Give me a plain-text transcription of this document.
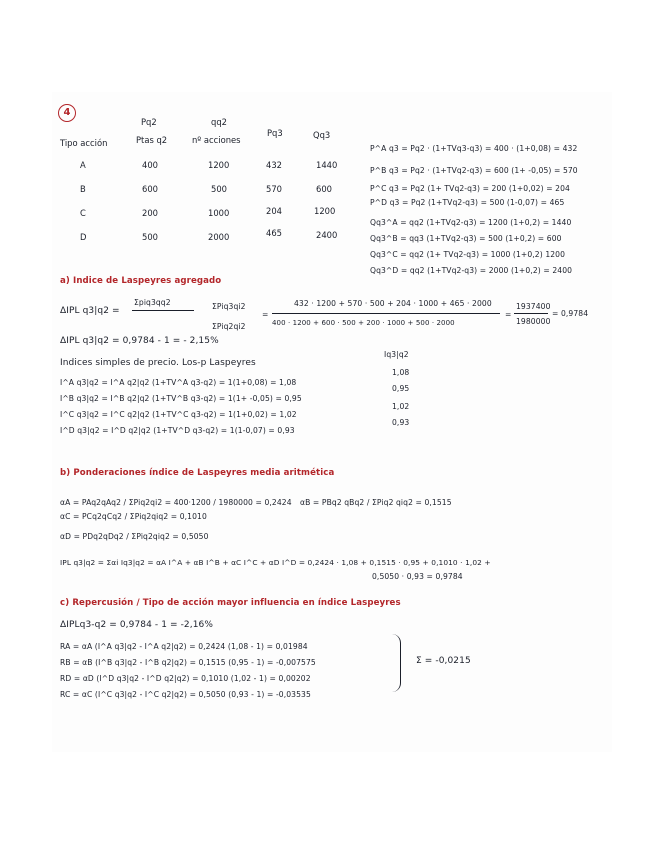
4
Pq2	qq2
Tipo acción	Ptas q2	nº acciones
Pq3	Qq3
A	400	1200	432	1440
B	600	500	570	600
C	200	1000	204	1200
D	500	2000	465	2400
P^A q3 = Pq2 · (1+TVq3-q3) = 400 · (1+0,08) = 432
P^B q3 = Pq2 · (1+TVq2-q3) = 600 (1+ -0,05) = 570
P^C q3 = Pq2 (1+ TVq2-q3) = 200 (1+0,02) = 204
P^D q3 = Pq2 (1+TVq2-q3) = 500 (1-0,07) = 465
Qq3^A = qq2 (1+TVq2-q3) = 1200 (1+0,2) = 1440
Qq3^B = qq3 (1+TVq2-q3) = 500 (1+0,2) = 600
Qq3^C = qq2 (1+ TVq2-q3) = 1000 (1+0,2) 1200
Qq3^D = qq2 (1+TVq2-q3) = 2000 (1+0,2) = 2400
a) Indice de Laspeyres agregado
ΔIPL q3|q2 =
Σpiq3qq2	ΣPiq3qi2
ΣPiq2qi2
=
432 · 1200 + 570 · 500 + 204 · 1000 + 465 · 2000
400 · 1200 + 600 · 500 + 200 · 1000 + 500 · 2000
=
1937400
1980000
= 0,9784
ΔIPL q3|q2 = 0,9784 - 1 = - 2,15%
Indices simples de precio. Los-p Laspeyres
Iq3|q2
I^A q3|q2 = I^A q2|q2 (1+TV^A q3-q2) = 1(1+0,08) = 1,08
I^B q3|q2 = I^B q2|q2 (1+TV^B q3-q2) = 1(1+ -0,05) = 0,95
I^C q3|q2 = I^C q2|q2 (1+TV^C q3-q2) = 1(1+0,02) = 1,02
I^D q3|q2 = I^D q2|q2 (1+TV^D q3-q2) = 1(1-0,07) = 0,93
1,08
0,95
1,02
0,93
b) Ponderaciones índice de Laspeyres media aritmética
αA = PAq2qAq2 / ΣPiq2qi2 = 400·1200 / 1980000 = 0,2424 αB = PBq2 qBq2 / ΣPiq2 qiq2 = 0,1515
αC = PCq2qCq2 / ΣPiq2qiq2 = 0,1010
αD = PDq2qDq2 / ΣPiq2qiq2 = 0,5050
IPL q3|q2 = Σαi Iq3|q2 = αA I^A + αB I^B + αC I^C + αD I^D = 0,2424 · 1,08 + 0,1515 · 0,95 + 0,1010 · 1,02 +
0,5050 · 0,93 = 0,9784
c) Repercusión / Tipo de acción mayor influencia en índice Laspeyres
ΔIPLq3-q2 = 0,9784 - 1 = -2,16%
RA = αA (I^A q3|q2 - I^A q2|q2) = 0,2424 (1,08 - 1) = 0,01984
RB = αB (I^B q3|q2 - I^B q2|q2) = 0,1515 (0,95 - 1) = -0,007575
RD = αD (I^D q3|q2 - I^D q2|q2) = 0,1010 (1,02 - 1) = 0,00202
RC = αC (I^C q3|q2 - I^C q2|q2) = 0,5050 (0,93 - 1) = -0,03535
Σ = -0,0215
